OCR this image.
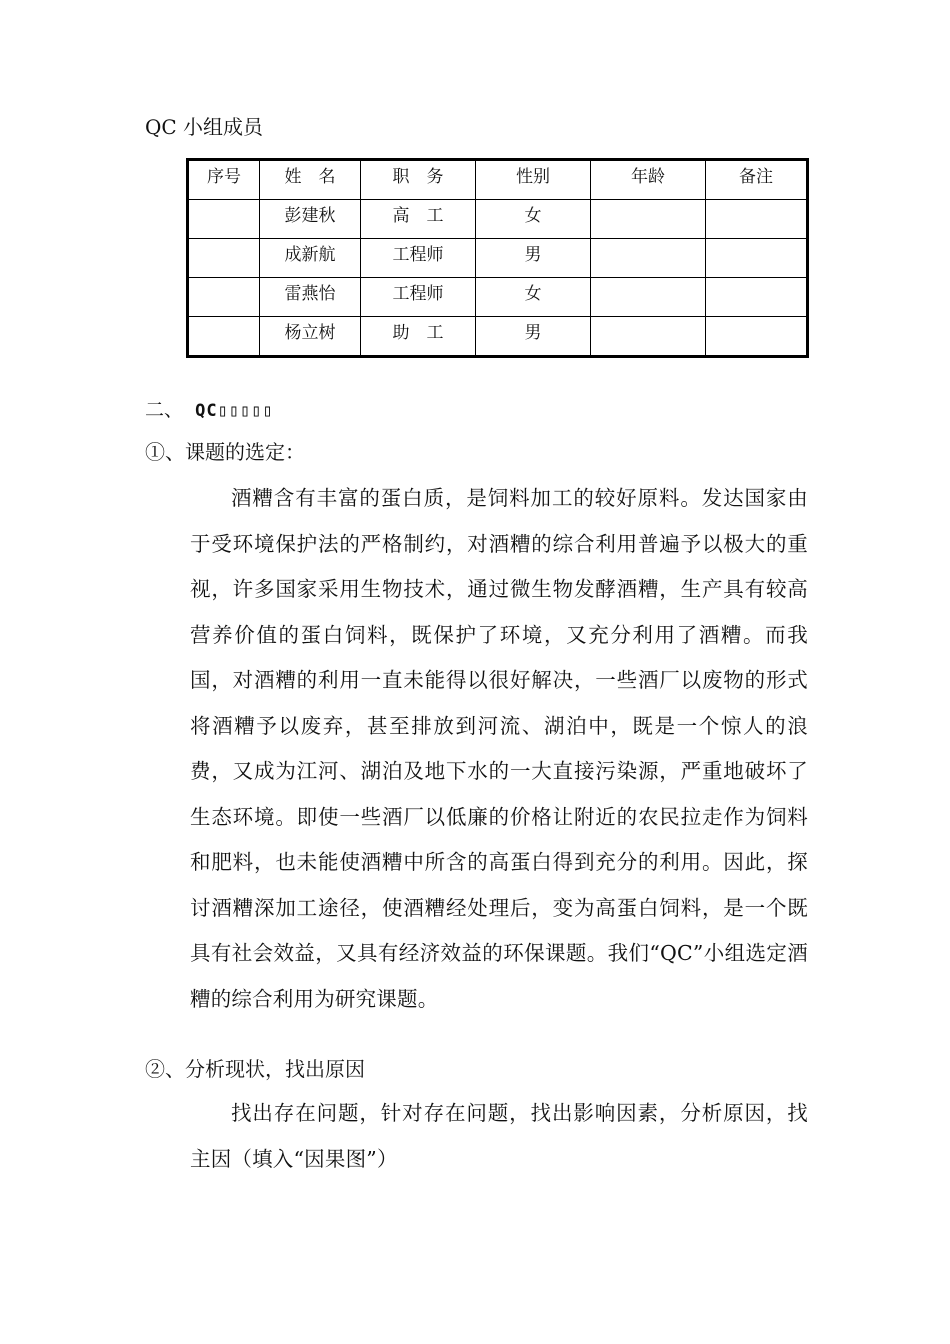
QC 小组成员
序号	姓　名	职　务	性别	年龄	备注
	彭建秋	高　工	女		
	成新航	工程师	男		
	雷燕怡	工程师	女		
	杨立树	助　工	男		
二、 QC▯▯▯▯▯
①、课题的选定：

酒糟含有丰富的蛋白质，是饲料加工的较好原料。发达国家由于受环境保护法的严格制约，对酒糟的综合利用普遍予以极大的重视，许多国家采用生物技术，通过微生物发酵酒糟，生产具有较高营养价值的蛋白饲料，既保护了环境，又充分利用了酒糟。而我国，对酒糟的利用一直未能得以很好解决，一些酒厂以废物的形式将酒糟予以废弃，甚至排放到河流、湖泊中，既是一个惊人的浪费，又成为江河、湖泊及地下水的一大直接污染源，严重地破坏了生态环境。即使一些酒厂以低廉的价格让附近的农民拉走作为饲料和肥料，也未能使酒糟中所含的高蛋白得到充分的利用。因此，探讨酒糟深加工途径，使酒糟经处理后，变为高蛋白饲料，是一个既具有社会效益，又具有经济效益的环保课题。我们“QC”小组选定酒糟的综合利用为研究课题。

②、分析现状，找出原因

找出存在问题，针对存在问题，找出影响因素，分析原因，找主因（填入“因果图”）
